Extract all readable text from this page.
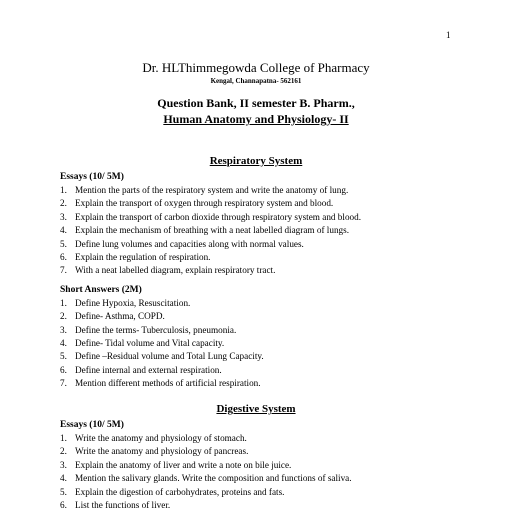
1
Dr. HLThimmegowda College of Pharmacy
Kengal, Channapatna- 562161
Question Bank, II semester B. Pharm.,
Human Anatomy and Physiology- II
Respiratory System
Essays (10/ 5M)
1. Mention the parts of the respiratory system and write the anatomy of lung.
2. Explain the transport of oxygen through respiratory system and blood.
3. Explain the transport of carbon dioxide through respiratory system and blood.
4. Explain the mechanism of breathing with a neat labelled diagram of lungs.
5. Define lung volumes and capacities along with normal values.
6. Explain the regulation of respiration.
7. With a neat labelled diagram, explain respiratory tract.
Short Answers (2M)
1. Define Hypoxia, Resuscitation.
2. Define- Asthma, COPD.
3. Define the terms- Tuberculosis, pneumonia.
4. Define- Tidal volume and Vital capacity.
5. Define –Residual volume and Total Lung Capacity.
6. Define internal and external respiration.
7. Mention different methods of artificial respiration.
Digestive System
Essays (10/ 5M)
1. Write the anatomy and physiology of stomach.
2. Write the anatomy and physiology of pancreas.
3. Explain the anatomy of liver and write a note on bile juice.
4. Mention the salivary glands. Write the composition and functions of saliva.
5. Explain the digestion of carbohydrates, proteins and fats.
6. List the functions of liver.
